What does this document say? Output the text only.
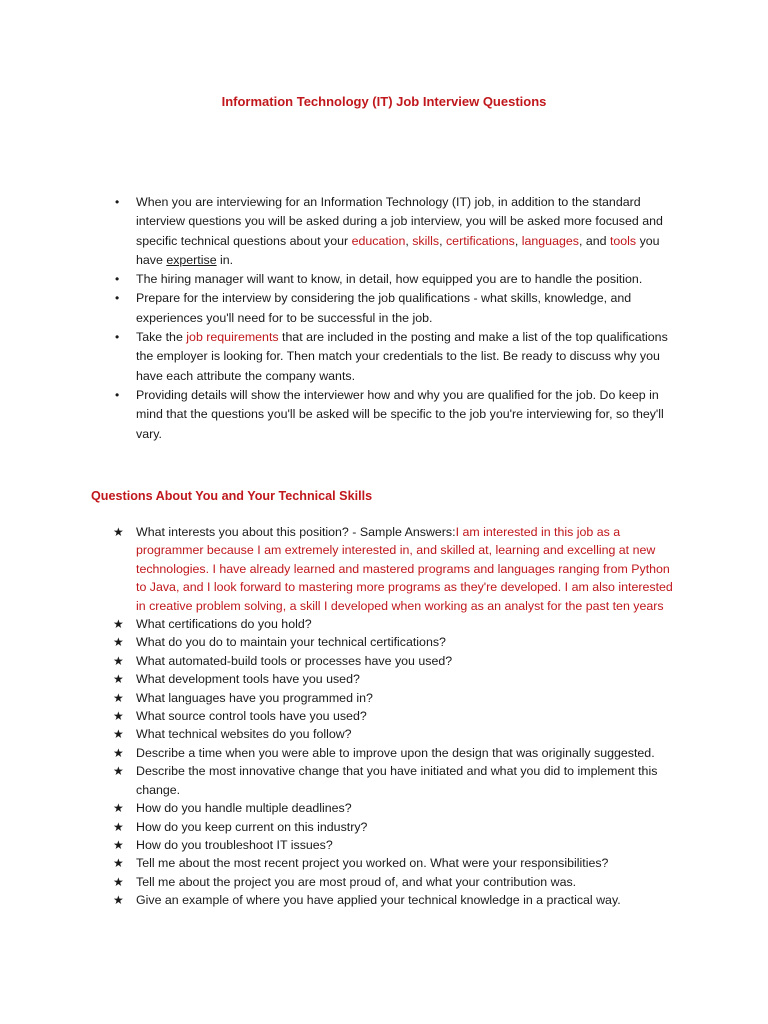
Information Technology (IT) Job Interview Questions
• When you are interviewing for an Information Technology (IT) job, in addition to the standard interview questions you will be asked during a job interview, you will be asked more focused and specific technical questions about your education, skills, certifications, languages, and tools you have expertise in.
• The hiring manager will want to know, in detail, how equipped you are to handle the position.
• Prepare for the interview by considering the job qualifications - what skills, knowledge, and experiences you'll need for to be successful in the job.
• Take the job requirements that are included in the posting and make a list of the top qualifications the employer is looking for. Then match your credentials to the list. Be ready to discuss why you have each attribute the company wants.
• Providing details will show the interviewer how and why you are qualified for the job. Do keep in mind that the questions you'll be asked will be specific to the job you're interviewing for, so they'll vary.
Questions About You and Your Technical Skills
★ What interests you about this position? - Sample Answers:I am interested in this job as a programmer because I am extremely interested in, and skilled at, learning and excelling at new technologies. I have already learned and mastered programs and languages ranging from Python to Java, and I look forward to mastering more programs as they're developed. I am also interested in creative problem solving, a skill I developed when working as an analyst for the past ten years
★ What certifications do you hold?
★ What do you do to maintain your technical certifications?
★ What automated-build tools or processes have you used?
★ What development tools have you used?
★ What languages have you programmed in?
★ What source control tools have you used?
★ What technical websites do you follow?
★ Describe a time when you were able to improve upon the design that was originally suggested.
★ Describe the most innovative change that you have initiated and what you did to implement this change.
★ How do you handle multiple deadlines?
★ How do you keep current on this industry?
★ How do you troubleshoot IT issues?
★ Tell me about the most recent project you worked on. What were your responsibilities?
★ Tell me about the project you are most proud of, and what your contribution was.
★ Give an example of where you have applied your technical knowledge in a practical way.
